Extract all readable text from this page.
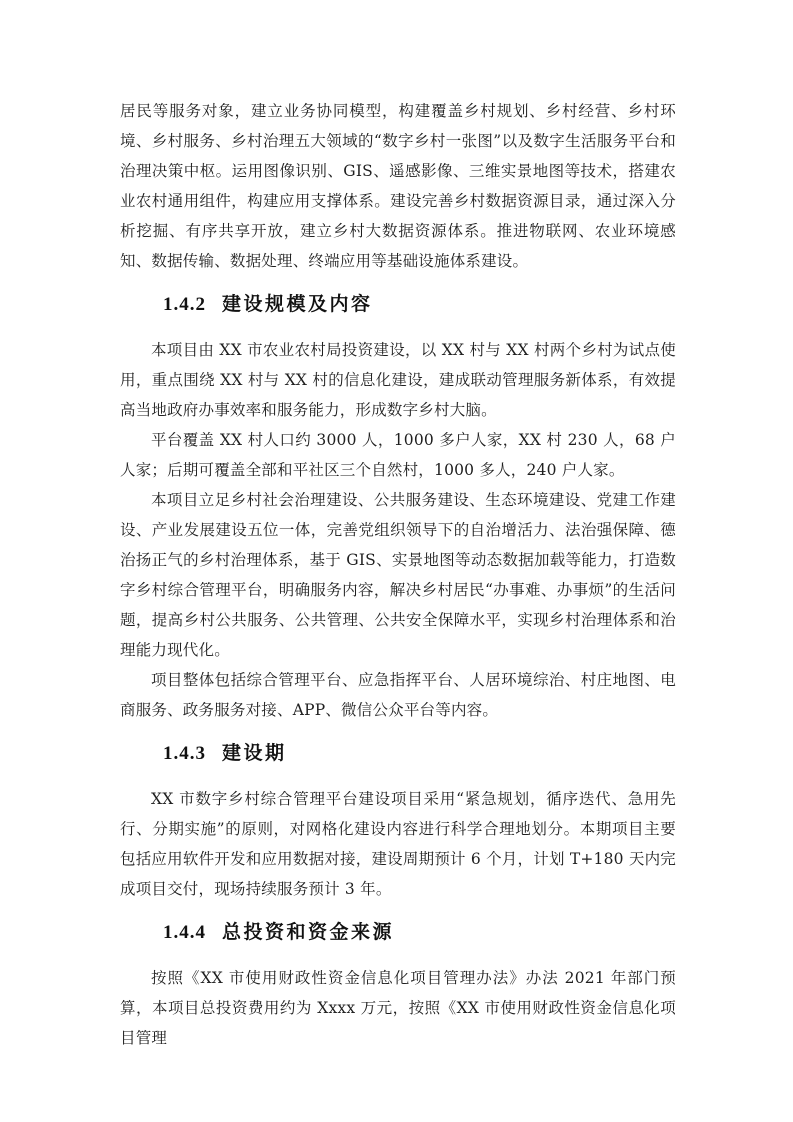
居民等服务对象，建立业务协同模型，构建覆盖乡村规划、乡村经营、乡村环境、乡村服务、乡村治理五大领域的“数字乡村一张图”以及数字生活服务平台和治理决策中枢。运用图像识别、GIS、遥感影像、三维实景地图等技术，搭建农业农村通用组件，构建应用支撑体系。建设完善乡村数据资源目录，通过深入分析挖掘、有序共享开放，建立乡村大数据资源体系。推进物联网、农业环境感知、数据传输、数据处理、终端应用等基础设施体系建设。

1.4.2 建设规模及内容

本项目由 XX 市农业农村局投资建设，以 XX 村与 XX 村两个乡村为试点使用，重点围绕 XX 村与 XX 村的信息化建设，建成联动管理服务新体系，有效提高当地政府办事效率和服务能力，形成数字乡村大脑。

平台覆盖 XX 村人口约 3000 人，1000 多户人家，XX 村 230 人，68 户人家；后期可覆盖全部和平社区三个自然村，1000 多人，240 户人家。

本项目立足乡村社会治理建设、公共服务建设、生态环境建设、党建工作建设、产业发展建设五位一体，完善党组织领导下的自治增活力、法治强保障、德治扬正气的乡村治理体系，基于 GIS、实景地图等动态数据加载等能力，打造数字乡村综合管理平台，明确服务内容，解决乡村居民“办事难、办事烦”的生活问题，提高乡村公共服务、公共管理、公共安全保障水平，实现乡村治理体系和治理能力现代化。

项目整体包括综合管理平台、应急指挥平台、人居环境综治、村庄地图、电商服务、政务服务对接、APP、微信公众平台等内容。

1.4.3 建设期

XX 市数字乡村综合管理平台建设项目采用“紧急规划，循序迭代、急用先行、分期实施”的原则，对网格化建设内容进行科学合理地划分。本期项目主要包括应用软件开发和应用数据对接，建设周期预计 6 个月，计划 T+180 天内完成项目交付，现场持续服务预计 3 年。

1.4.4 总投资和资金来源

按照《XX 市使用财政性资金信息化项目管理办法》办法 2021 年部门预算，本项目总投资费用约为 Xxxx 万元，按照《XX 市使用财政性资金信息化项目管理
